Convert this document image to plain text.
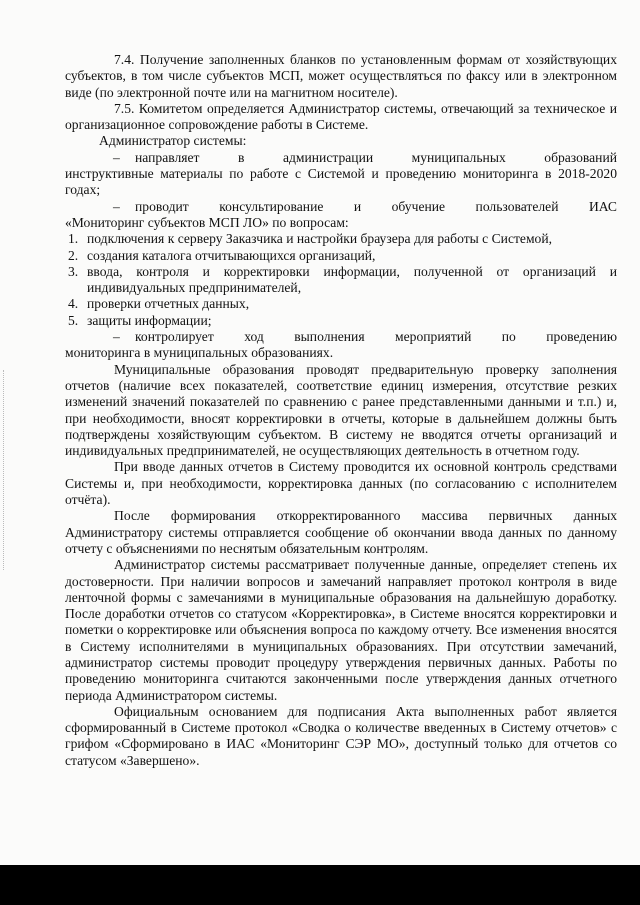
7.4. Получение заполненных бланков по установленным формам от хозяйствующих субъектов, в том числе субъектов МСП, может осуществляться по факсу или в электронном виде (по электронной почте или на магнитном носителе).

7.5. Комитетом определяется Администратор системы, отвечающий за техническое и организационное сопровождение работы в Системе.

Администратор системы:

–	направляет в администрации муниципальных образований

инструктивные материалы по работе с Системой и проведению мониторинга в 2018-2020 годах;

–	проводит консультирование и обучение пользователей ИАС

«Мониторинг субъектов МСП ЛО» по вопросам:

1. подключения к серверу Заказчика и настройки браузера для работы с Системой,
2. создания каталога отчитывающихся организаций,
3. ввода, контроля и корректировки информации, полученной от организаций и индивидуальных предпринимателей,
4. проверки отчетных данных,
5. защиты информации;
–	контролирует ход выполнения мероприятий по проведению

мониторинга в муниципальных образованиях.

Муниципальные образования проводят предварительную проверку заполнения отчетов (наличие всех показателей, соответствие единиц измерения, отсутствие резких изменений значений показателей по сравнению с ранее представленными данными и т.п.) и, при необходимости, вносят корректировки в отчеты, которые в дальнейшем должны быть подтверждены хозяйствующим субъектом. В систему не вводятся отчеты организаций и индивидуальных предпринимателей, не осуществляющих деятельность в отчетном году.

При вводе данных отчетов в Систему проводится их основной контроль средствами Системы и, при необходимости, корректировка данных (по согласованию с исполнителем отчёта).

После формирования откорректированного массива первичных данных Администратору системы отправляется сообщение об окончании ввода данных по данному отчету с объяснениями по неснятым обязательным контролям.

Администратор системы рассматривает полученные данные, определяет степень их достоверности. При наличии вопросов и замечаний направляет протокол контроля в виде ленточной формы с замечаниями в муниципальные образования на дальнейшую доработку. После доработки отчетов со статусом «Корректировка», в Системе вносятся корректировки и пометки о корректировке или объяснения вопроса по каждому отчету. Все изменения вносятся в Систему исполнителями в муниципальных образованиях. При отсутствии замечаний, администратор системы проводит процедуру утверждения первичных данных. Работы по проведению мониторинга считаются законченными после утверждения данных отчетного периода Администратором системы.

Официальным основанием для подписания Акта выполненных работ является сформированный в Системе протокол «Сводка о количестве введенных в Систему отчетов» с грифом «Сформировано в ИАС «Мониторинг СЭР МО», доступный только для отчетов со статусом «Завершено».
